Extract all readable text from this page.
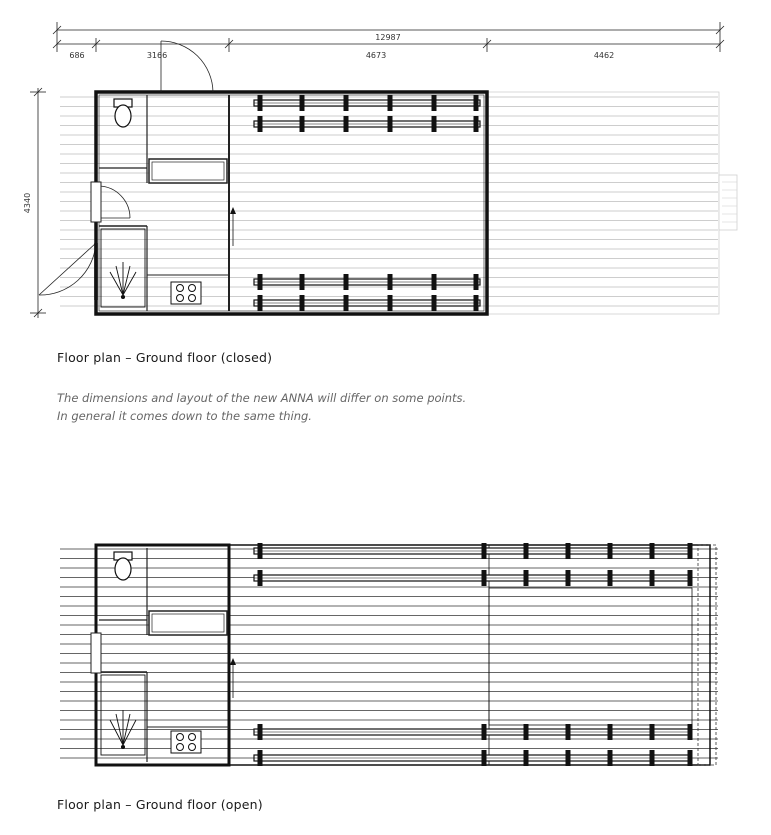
12987
686	3166	4673	4462
4340
Floor plan – Ground floor (closed)
The dimensions and layout of the new ANNA will differ on some points.
In general it comes down to the same thing.
Floor plan – Ground floor (open)
